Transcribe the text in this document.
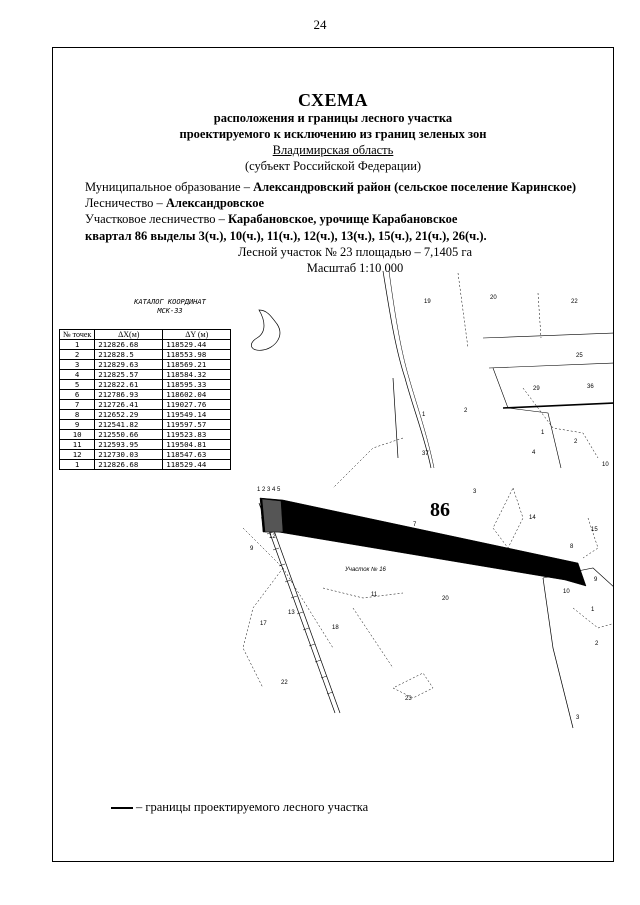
24
19
20
22
25
29	36
1
2
1
2
4
10
37
3
14
15
6
7
8
12
9
9
11
20
10
13
17
18
22
23
1
2
3
1 2 3 4 5
86
Участок № 16
СХЕМА
расположения и границы лесного участка
проектируемого к исключению из границ зеленых зон
Владимирская область
(субъект Российской Федерации)
Муниципальное образование – Александровский район (сельское поселение Каринское)
Лесничество – Александровское
Участковое лесничество – Карабановское, урочище Карабановское
квартал 86 выделы 3(ч.), 10(ч.), 11(ч.), 12(ч.), 13(ч.), 15(ч.), 21(ч.), 26(ч.).
Лесной участок № 23 площадью – 7,1405 га
Масштаб 1:10 000
КАТАЛОГ КООРДИНАТ
МСК-33
№ точек	ΔX(м)	ΔY (м)
1	212826.68	118529.44
2	212828.5	118553.98
3	212829.63	118569.21
4	212825.57	118584.32
5	212822.61	118595.33
6	212786.93	118602.04
7	212726.41	119027.76
8	212652.29	119549.14
9	212541.82	119597.57
10	212550.66	119523.83
11	212593.95	119504.81
12	212730.03	118547.63
1	212826.68	118529.44
– границы проектируемого лесного участка
